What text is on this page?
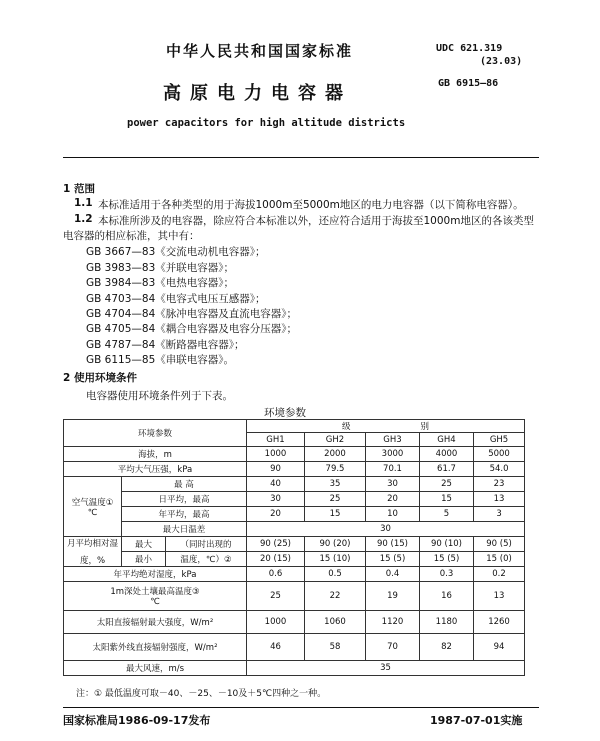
中华人民共和国国家标准
高原电力电容器
power capacitors for high altitude districts
UDC 621.319
(23.03)
GB 6915—86
1 范围
1.1 本标准适用于各种类型的用于海拔1000m至5000m地区的电力电容器（以下简称电容器）。
1.2 本标准所涉及的电容器，除应符合本标准以外，还应符合适用于海拔至1000m地区的各该类型
电容器的相应标准，其中有：
GB 3667—83《交流电动机电容器》；
GB 3983—83《并联电容器》；
GB 3984—83《电热电容器》；
GB 4703—84《电容式电压互感器》；
GB 4704—84《脉冲电容器及直流电容器》；
GB 4705—84《耦合电容器及电容分压器》；
GB 4787—84《断路器电容器》；
GB 6115—85《串联电容器》。
2 使用环境条件
电容器使用环境条件列于下表。
环境参数
环境参数			级 别				
			GH1	GH2	GH3	GH4	GH5
海拔，m			1000	2000	3000	4000	5000
平均大气压强，kPa			90	79.5	70.1	61.7	54.0

空气温度①
℃	最 高		40	35	30	25	23
	日平均，最高		30	25	20	15	13
	年平均，最高		20	15	10	5	3
	最大日温差		30				

月平均相对湿
度，%	最大	（同时出现的	90 (25)	90 (20)	90 (15)	90 (10)	90 (5)
	最小	温度，℃）②	20 (15)	15 (10)	15 (5)	15 (5)	15 (0)
年平均绝对湿度，kPa			0.6	0.5	0.4	0.3	0.2

1m深处土壤最高温度③
℃			25	22	19	16	13
太阳直接辐射最大强度，W/m²			1000	1060	1120	1180	1260
太阳紫外线直接辐射强度，W/m²			46	58	70	82	94
最大风速，m/s			35				
注：① 最低温度可取－40、－25、－10及＋5℃四种之一种。
国家标准局1986-09-17发布	1987-07-01实施
